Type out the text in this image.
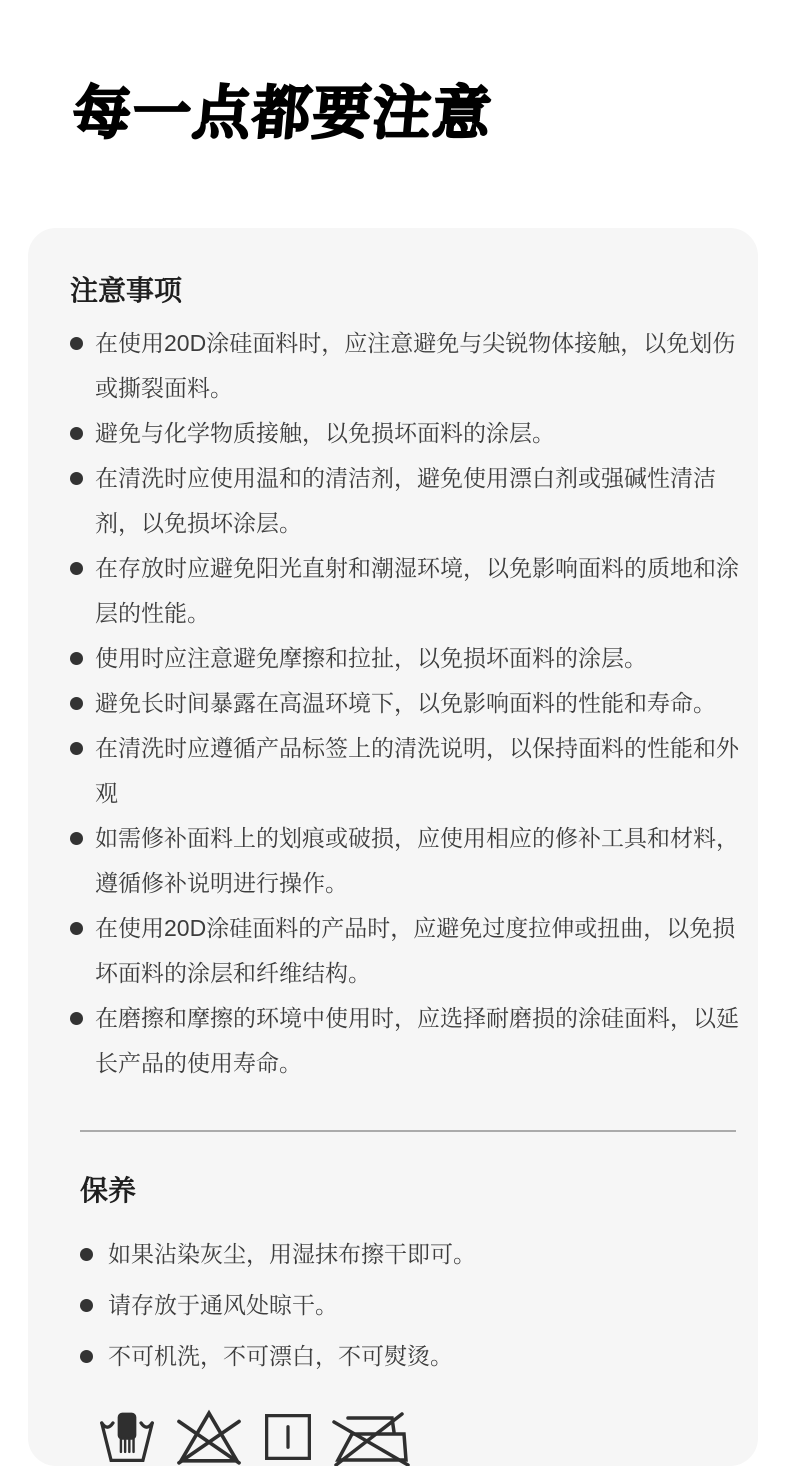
每一点都要注意
注意事项
在使用20D涂硅面料时，应注意避免与尖锐物体接触，以免划伤或撕裂面料。
避免与化学物质接触，以免损坏面料的涂层。
在清洗时应使用温和的清洁剂，避免使用漂白剂或强碱性清洁剂，以免损坏涂层。
在存放时应避免阳光直射和潮湿环境，以免影响面料的质地和涂层的性能。
使用时应注意避免摩擦和拉扯，以免损坏面料的涂层。
避免长时间暴露在高温环境下，以免影响面料的性能和寿命。
在清洗时应遵循产品标签上的清洗说明，以保持面料的性能和外观
如需修补面料上的划痕或破损，应使用相应的修补工具和材料，遵循修补说明进行操作。
在使用20D涂硅面料的产品时，应避免过度拉伸或扭曲，以免损坏面料的涂层和纤维结构。
在磨擦和摩擦的环境中使用时，应选择耐磨损的涂硅面料，以延长产品的使用寿命。
保养
如果沾染灰尘，用湿抹布擦干即可。
请存放于通风处晾干。
不可机洗，不可漂白，不可熨烫。
